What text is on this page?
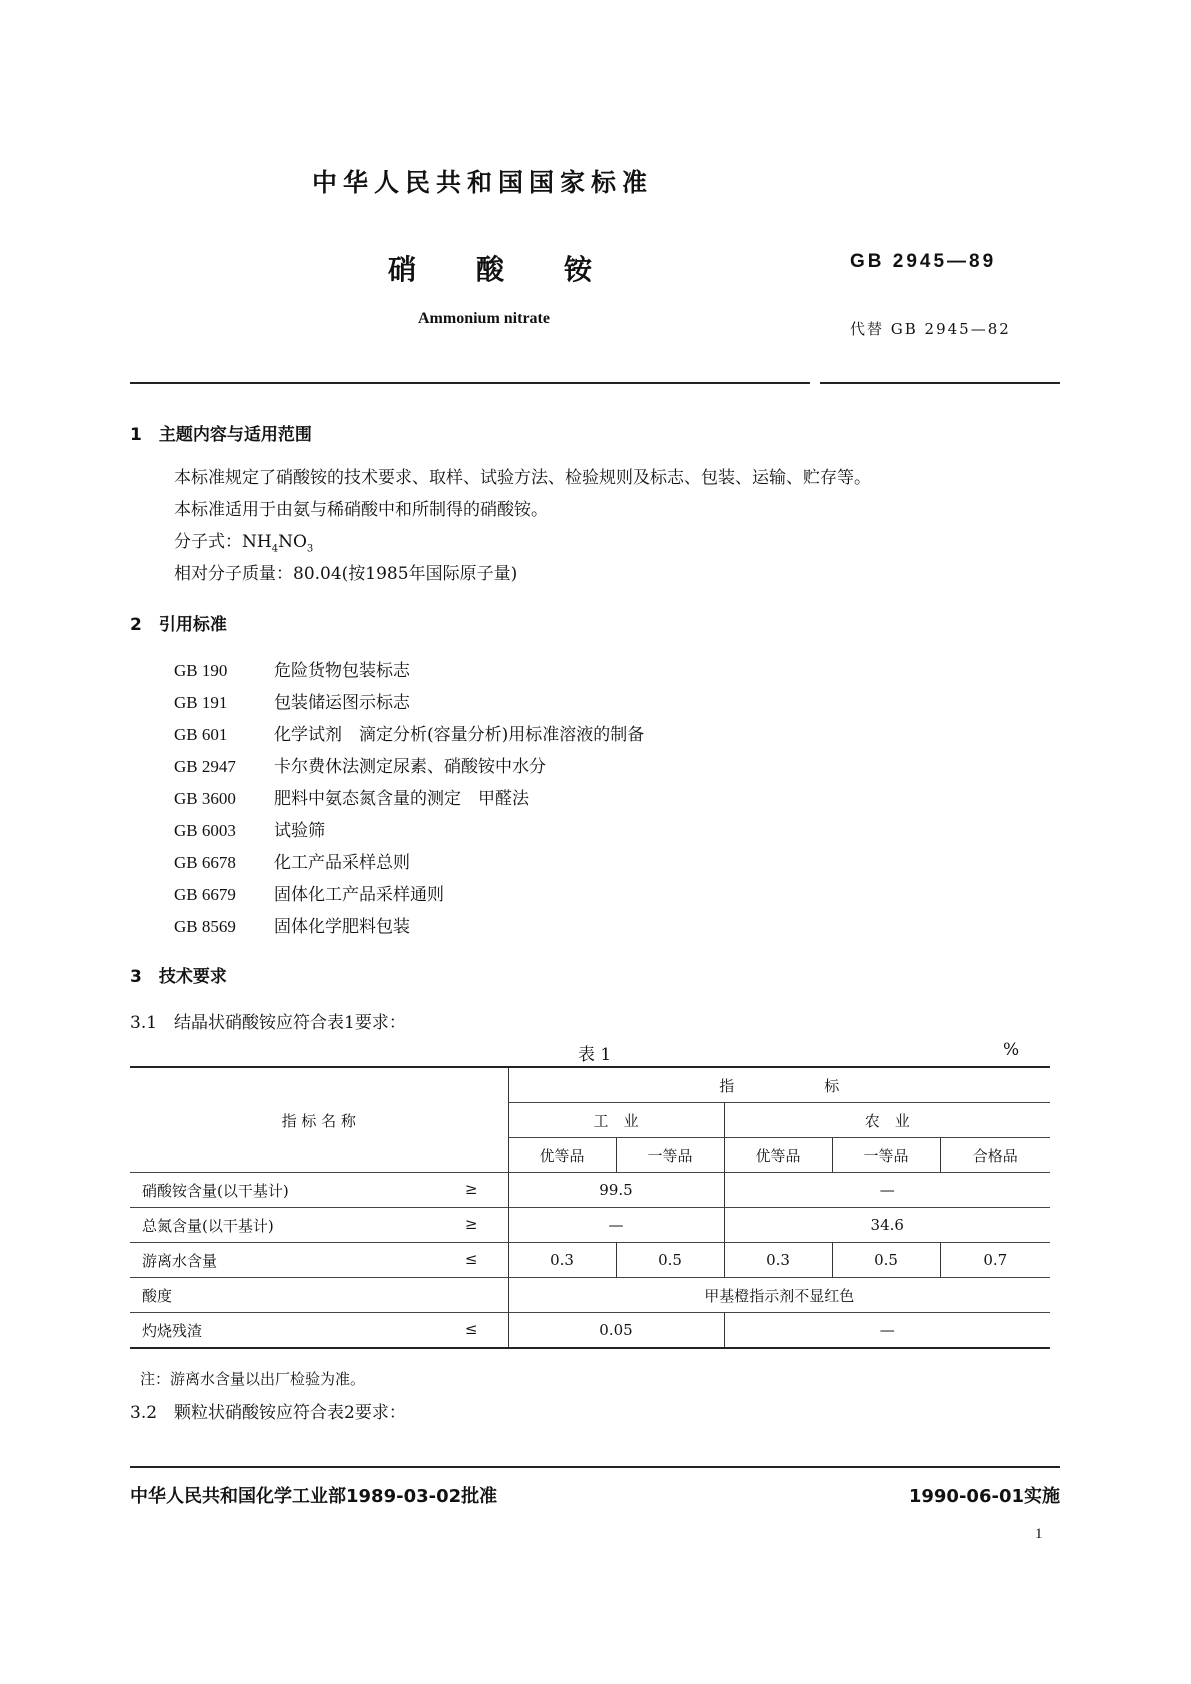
中华人民共和国国家标准
硝 酸 铵	GB 2945—89
Ammonium nitrate
代替 GB 2945—82
1　主题内容与适用范围
本标准规定了硝酸铵的技术要求、取样、试验方法、检验规则及标志、包装、运输、贮存等。
本标准适用于由氨与稀硝酸中和所制得的硝酸铵。
分子式：$NH_4NO_3$
相对分子质量：80.04(按1985年国际原子量)
2　引用标准
GB 190	危险货物包装标志
GB 191	包装储运图示标志
GB 601	化学试剂　滴定分析(容量分析)用标准溶液的制备
GB 2947 卡尔费休法测定尿素、硝酸铵中水分
GB 3600 肥料中氨态氮含量的测定　甲醛法
GB 6003 试验筛
GB 6678 化工产品采样总则
GB 6679 固体化工产品采样通则
GB 8569 固体化学肥料包装
3　技术要求
3.1　结晶状硝酸铵应符合表1要求：
表 1	%
指 标 名 称	指　　　　　　标				
	工　业		农　业		
	优等品	一等品	优等品	一等品	合格品
硝酸铵含量(以干基计) ≥	99.5		—		
总氮含量(以干基计) ≥	—		34.6		
游离水含量 ≤	0.3	0.5	0.3	0.5	0.7
酸度	甲基橙指示剂不显红色				
灼烧残渣 ≤	0.05		—		
注：游离水含量以出厂检验为准。
3.2　颗粒状硝酸铵应符合表2要求：
中华人民共和国化学工业部1989-03-02批准	1990-06-01实施
1
